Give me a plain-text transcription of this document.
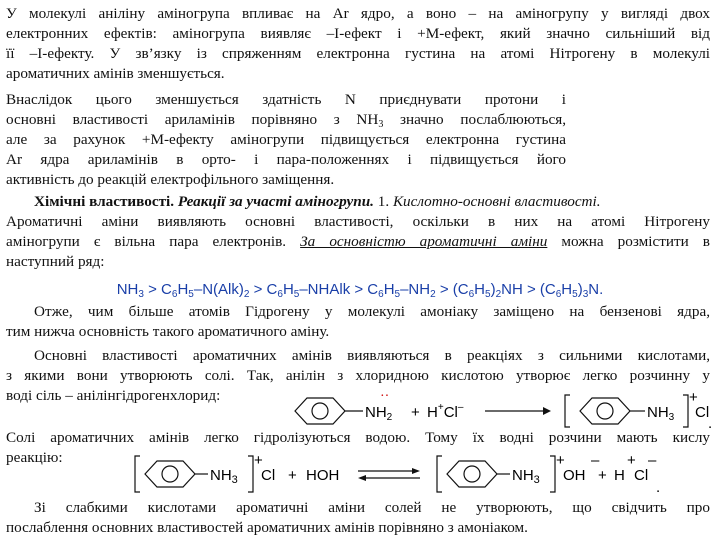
У молекулі аніліну аміногрупа впливає на Ar ядро, а воно – на аміногрупу у вигляді двох
електронних ефектів: аміногрупа виявляє –I-ефект і +M-ефект, який значно сильніший від
її –I-ефекту. У зв’язку із спряженням електронна густина на атомі Нітрогену в молекулі
ароматичних амінів зменшується.
Внаслідок цього зменшується здатність N приєднувати протони і
основні властивості ариламінів порівняно з $NH_3$ значно послаблюються,
але за рахунок +M-ефекту аміногрупи підвищується електронна густина
Ar ядра ариламінів в орто- і пара-положеннях і підвищується його
активність до реакцій електрофільного заміщення.
Хімічні властивості. Реакції за участі аміногрупи. 1. Кислотно-основні властивості.
Ароматичні аміни виявляють основні властивості, оскільки в них на атомі Нітрогену
аміногрупи є вільна пара електронів. За основністю ароматичні аміни можна розмістити в
наступний ряд:
$NH_3 > C_6H_5-N(Alk)_2$ > $C_6H_5$–NHAlk > $C_6H_5-NH_2 > (C_6H_5)_2NH > (C_6H_5)_3N$.
Отже, чим більше атомів Гідрогену у молекулі амоніаку заміщено на бензенові ядра,
тим нижча основність такого ароматичного аміну.
Основні властивості ароматичних амінів виявляються в реакціях з сильними кислотами,
з якими вони утворюють солі. Так, анілін з хлоридною кислотою утворює легко розчинну у
воді сіль – анілінгідрогенхлорид:
$NH_2$
··
+ H+Cl–	$NH_3$
+
Cl
.
Солі ароматичних амінів легко гідролізуються водою. Тому їх водні розчини мають кислу
реакцію:
$NH_3$
+
Cl + HOH	$NH_3$
+
OH
–
+ H
+
Cl
–
.
Зі слабкими кислотами ароматичні аміни солей не утворюють, що свідчить про
послаблення основних властивостей ароматичних амінів порівняно з амоніаком.
